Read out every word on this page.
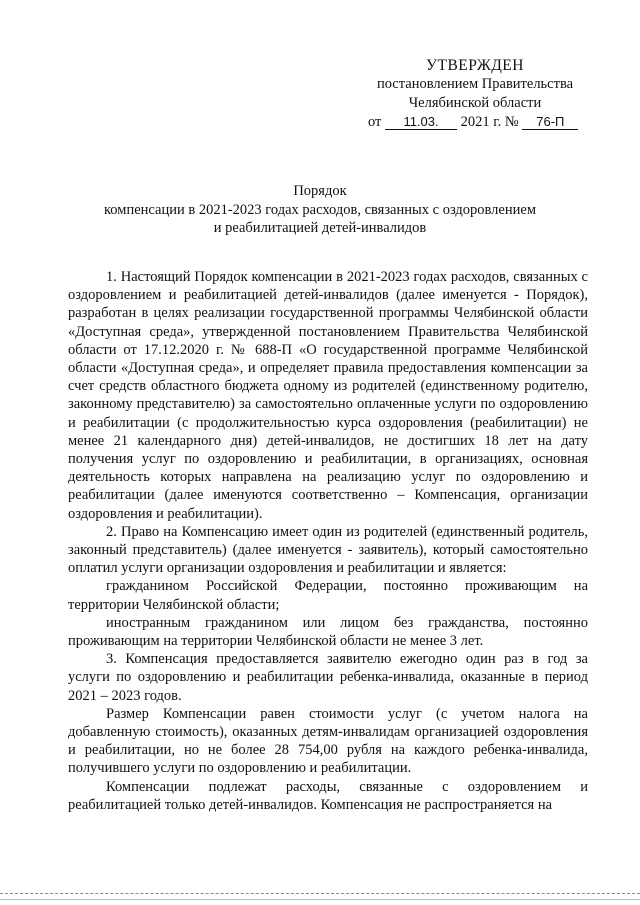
УТВЕРЖДЕН
постановлением Правительства
Челябинской области
от 11.03. 2021 г. № 76-П
Порядок
компенсации в 2021-2023 годах расходов, связанных с оздоровлением
и реабилитацией детей-инвалидов

1. Настоящий Порядок компенсации в 2021-2023 годах расходов, связанных с оздоровлением и реабилитацией детей-инвалидов (далее именуется - Порядок), разработан в целях реализации государственной программы Челябинской области «Доступная среда», утвержденной постановлением Правительства Челябинской области от 17.12.2020 г. № 688-П «О государственной программе Челябинской области «Доступная среда», и определяет правила предоставления компенсации за счет средств областного бюджета одному из родителей (единственному родителю, законному представителю) за самостоятельно оплаченные услуги по оздоровлению и реабилитации (с продолжительностью курса оздоровления (реабилитации) не менее 21 календарного дня) детей-инвалидов, не достигших 18 лет на дату получения услуг по оздоровлению и реабилитации, в организациях, основная деятельность которых направлена на реализацию услуг по оздоровлению и реабилитации (далее именуются соответственно – Компенсация, организации оздоровления и реабилитации).

2. Право на Компенсацию имеет один из родителей (единственный родитель, законный представитель) (далее именуется - заявитель), который самостоятельно оплатил услуги организации оздоровления и реабилитации и является:

гражданином Российской Федерации, постоянно проживающим на территории Челябинской области;

иностранным гражданином или лицом без гражданства, постоянно проживающим на территории Челябинской области не менее 3 лет.

3. Компенсация предоставляется заявителю ежегодно один раз в год за услуги по оздоровлению и реабилитации ребенка-инвалида, оказанные в период 2021 – 2023 годов.

Размер Компенсации равен стоимости услуг (с учетом налога на добавленную стоимость), оказанных детям-инвалидам организацией оздоровления и реабилитации, но не более 28 754,00 рубля на каждого ребенка-инвалида, получившего услуги по оздоровлению и реабилитации.

Компенсации подлежат расходы, связанные с оздоровлением и реабилитацией только детей-инвалидов. Компенсация не распространяется на
